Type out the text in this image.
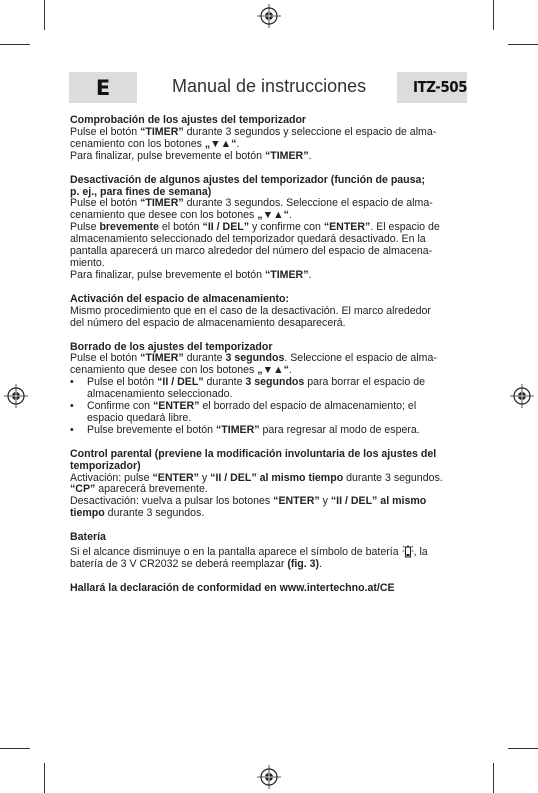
E	Manual de instrucciones	ITZ-505
Comprobación de los ajustes del temporizador

Pulse el botón “TIMER” durante 3 segundos y seleccione el espacio de alma-

cenamiento con los botones „▼▲“.

Para finalizar, pulse brevemente el botón “TIMER”.

Desactivación de algunos ajustes del temporizador (función de pausa;
p. ej., para fines de semana)

Pulse el botón “TIMER” durante 3 segundos. Seleccione el espacio de alma-

cenamiento que desee con los botones „▼▲“.

Pulse brevemente el botón “II / DEL” y confirme con “ENTER”. El espacio de

almacenamiento seleccionado del temporizador quedará desactivado. En la

pantalla aparecerá un marco alrededor del número del espacio de almacena-

miento.

Para finalizar, pulse brevemente el botón “TIMER”.

Activación del espacio de almacenamiento:

Mismo procedimiento que en el caso de la desactivación. El marco alrededor

del número del espacio de almacenamiento desaparecerá.

Borrado de los ajustes del temporizador

Pulse el botón “TIMER” durante 3 segundos. Seleccione el espacio de alma-

cenamiento que desee con los botones „▼▲“.

• Pulse el botón “II / DEL” durante 3 segundos para borrar el espacio de
almacenamiento seleccionado.
• Confirme con “ENTER” el borrado del espacio de almacenamiento; el
espacio quedará libre.
• Pulse brevemente el botón “TIMER” para regresar al modo de espera.
Control parental (previene la modificación involuntaria de los ajustes del
temporizador)

Activación: pulse “ENTER” y “II / DEL” al mismo tiempo durante 3 segundos.

“CP” aparecerá brevemente.

Desactivación: vuelva a pulsar los botones “ENTER” y “II / DEL” al mismo

tiempo durante 3 segundos.

Batería

Si el alcance disminuye o en la pantalla aparece el símbolo de batería , la

batería de 3 V CR2032 se deberá reemplazar (fig. 3).

Hallará la declaración de conformidad en www.intertechno.at/CE
